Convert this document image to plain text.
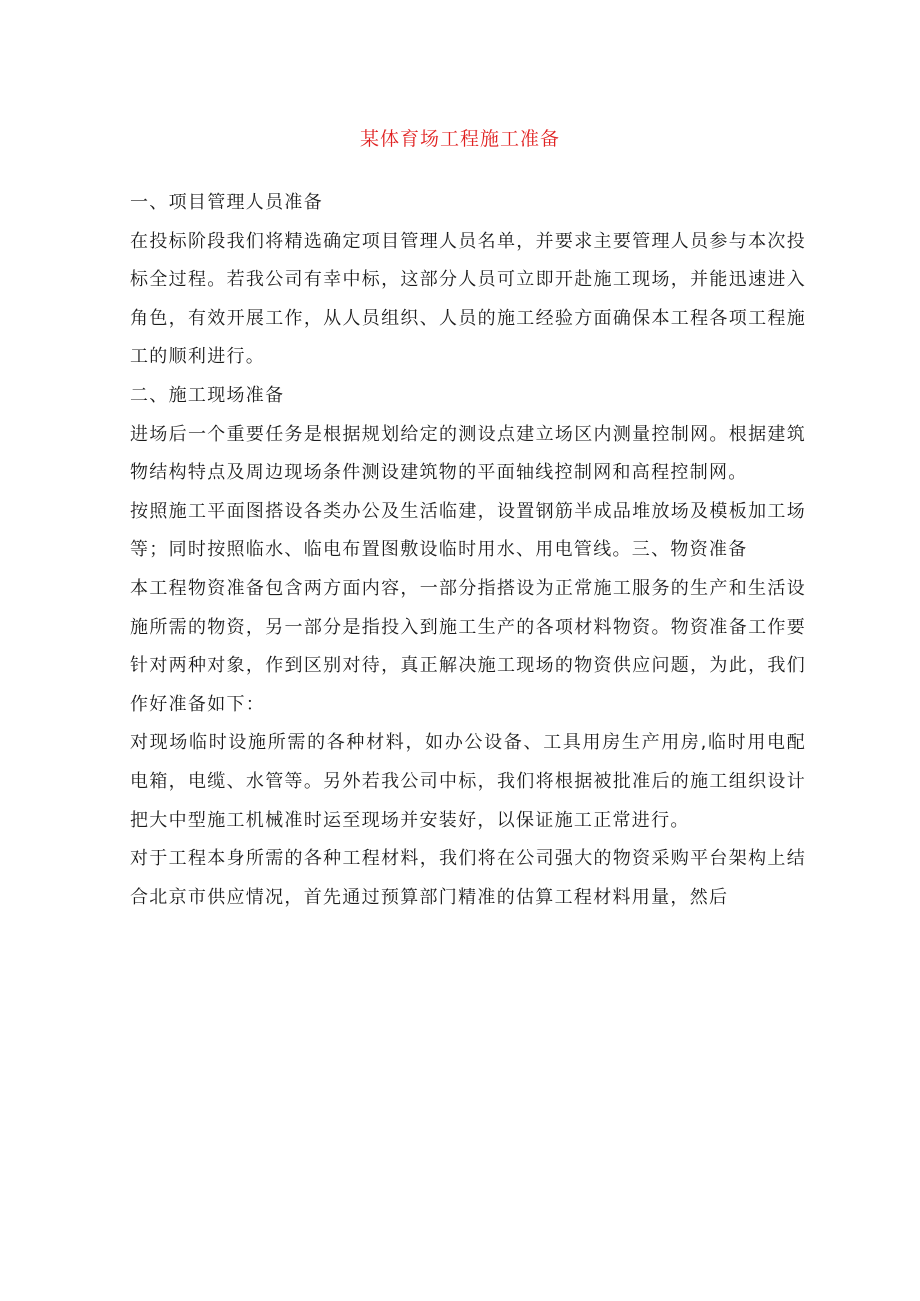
某体育场工程施工准备

一、项目管理人员准备

在投标阶段我们将精选确定项目管理人员名单，并要求主要管理人员参与本次投标全过程。若我公司有幸中标，这部分人员可立即开赴施工现场，并能迅速进入角色，有效开展工作，从人员组织、人员的施工经验方面确保本工程各项工程施工的顺利进行。

二、施工现场准备

进场后一个重要任务是根据规划给定的测设点建立场区内测量控制网。根据建筑物结构特点及周边现场条件测设建筑物的平面轴线控制网和高程控制网。

按照施工平面图搭设各类办公及生活临建，设置钢筋半成品堆放场及模板加工场等；同时按照临水、临电布置图敷设临时用水、用电管线。三、物资准备

本工程物资准备包含两方面内容，一部分指搭设为正常施工服务的生产和生活设施所需的物资，另一部分是指投入到施工生产的各项材料物资。物资准备工作要针对两种对象，作到区别对待，真正解决施工现场的物资供应问题，为此，我们作好准备如下：

对现场临时设施所需的各种材料，如办公设备、工具用房生产用房,临时用电配电箱，电缆、水管等。另外若我公司中标，我们将根据被批准后的施工组织设计把大中型施工机械准时运至现场并安装好，以保证施工正常进行。

对于工程本身所需的各种工程材料，我们将在公司强大的物资采购平台架构上结合北京市供应情况，首先通过预算部门精准的估算工程材料用量，然后
